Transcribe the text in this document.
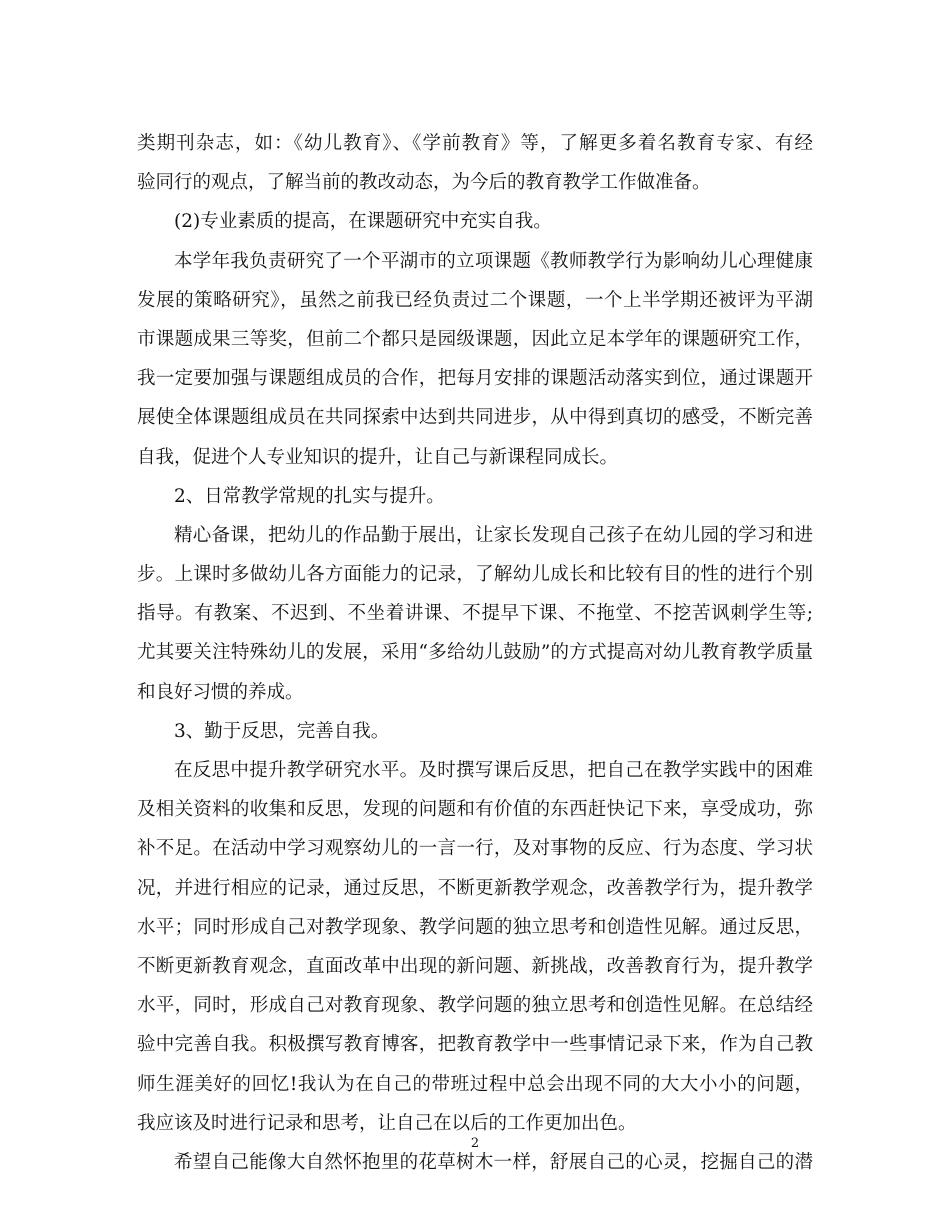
类期刊杂志，如：《幼儿教育》、《学前教育》等，了解更多着名教育专家、有经
验同行的观点，了解当前的教改动态，为今后的教育教学工作做准备。
(2)专业素质的提高，在课题研究中充实自我。
本学年我负责研究了一个平湖市的立项课题《教师教学行为影响幼儿心理健康
发展的策略研究》，虽然之前我已经负责过二个课题，一个上半学期还被评为平湖
市课题成果三等奖，但前二个都只是园级课题，因此立足本学年的课题研究工作，
我一定要加强与课题组成员的合作，把每月安排的课题活动落实到位，通过课题开
展使全体课题组成员在共同探索中达到共同进步，从中得到真切的感受，不断完善
自我，促进个人专业知识的提升，让自己与新课程同成长。
2、日常教学常规的扎实与提升。
精心备课，把幼儿的作品勤于展出，让家长发现自己孩子在幼儿园的学习和进
步。上课时多做幼儿各方面能力的记录，了解幼儿成长和比较有目的性的进行个别
指导。有教案、不迟到、不坐着讲课、不提早下课、不拖堂、不挖苦讽刺学生等;
尤其要关注特殊幼儿的发展，采用“多给幼儿鼓励”的方式提高对幼儿教育教学质量
和良好习惯的养成。
3、勤于反思，完善自我。
在反思中提升教学研究水平。及时撰写课后反思，把自己在教学实践中的困难
及相关资料的收集和反思，发现的问题和有价值的东西赶快记下来，享受成功，弥
补不足。在活动中学习观察幼儿的一言一行，及对事物的反应、行为态度、学习状
况，并进行相应的记录，通过反思，不断更新教学观念，改善教学行为，提升教学
水平；同时形成自己对教学现象、教学问题的独立思考和创造性见解。通过反思，
不断更新教育观念，直面改革中出现的新问题、新挑战，改善教育行为，提升教学
水平，同时，形成自己对教育现象、教学问题的独立思考和创造性见解。在总结经
验中完善自我。积极撰写教育博客，把教育教学中一些事情记录下来，作为自己教
师生涯美好的回忆!我认为在自己的带班过程中总会出现不同的大大小小的问题，
我应该及时进行记录和思考，让自己在以后的工作更加出色。
希望自己能像大自然怀抱里的花草树木一样，舒展自己的心灵，挖掘自己的潜
2
